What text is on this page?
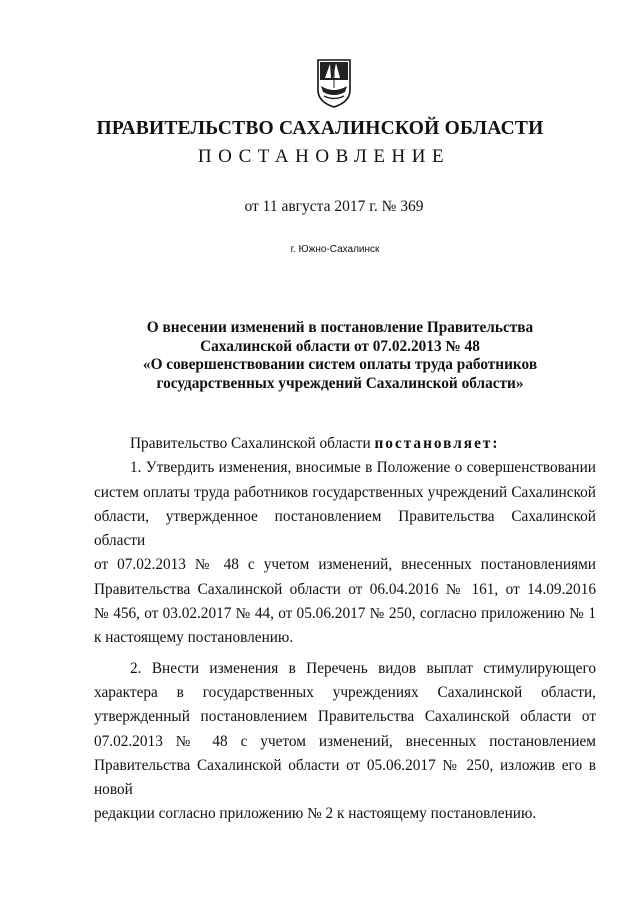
ПРАВИТЕЛЬСТВО САХАЛИНСКОЙ ОБЛАСТИ
ПОСТАНОВЛЕНИЕ
от 11 августа 2017 г. № 369
г. Южно-Сахалинск
О внесении изменений в постановление Правительства
Сахалинской области от 07.02.2013 № 48
«О совершенствовании систем оплаты труда работников
государственных учреждений Сахалинской области»

Правительство Сахалинской области постановляет:

1. Утвердить изменения, вносимые в Положение о совершенствовании
систем оплаты труда работников государственных учреждений Сахалинской
области, утвержденное постановлением Правительства Сахалинской области
от 07.02.2013 № 48 с учетом изменений, внесенных постановлениями
Правительства Сахалинской области от 06.04.2016 № 161, от 14.09.2016
№ 456, от 03.02.2017 № 44, от 05.06.2017 № 250, согласно приложению № 1
к настоящему постановлению.

2. Внести изменения в Перечень видов выплат стимулирующего
характера в государственных учреждениях Сахалинской области,
утвержденный постановлением Правительства Сахалинской области от
07.02.2013 № 48 с учетом изменений, внесенных постановлением
Правительства Сахалинской области от 05.06.2017 № 250, изложив его в новой
редакции согласно приложению № 2 к настоящему постановлению.
